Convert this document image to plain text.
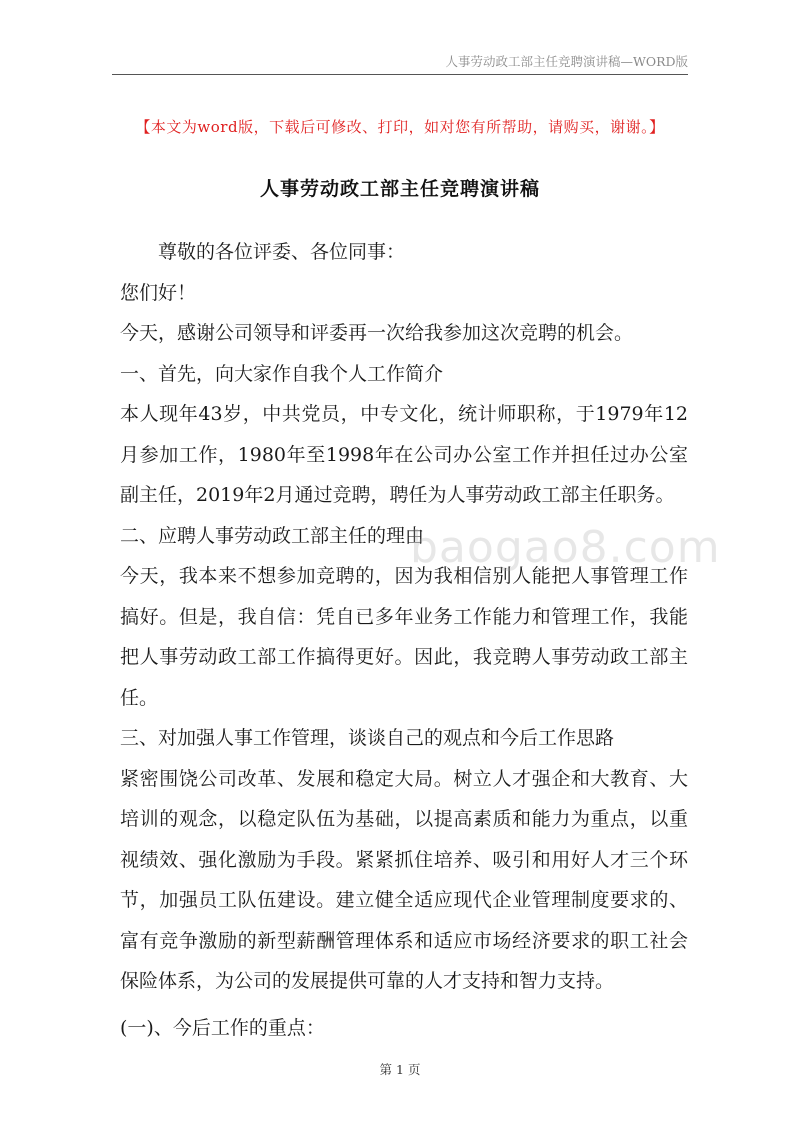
人事劳动政工部主任竞聘演讲稿—WORD版
【本文为word版，下载后可修改、打印，如对您有所帮助，请购买，谢谢。】
人事劳动政工部主任竞聘演讲稿

尊敬的各位评委、各位同事：

您们好！

今天，感谢公司领导和评委再一次给我参加这次竞聘的机会。

一、首先，向大家作自我个人工作简介

本人现年43岁，中共党员，中专文化，统计师职称，于1979年12月参加工作，1980年至1998年在公司办公室工作并担任过办公室副主任，2019年2月通过竞聘，聘任为人事劳动政工部主任职务。

二、应聘人事劳动政工部主任的理由

今天，我本来不想参加竞聘的，因为我相信别人能把人事管理工作搞好。但是，我自信：凭自已多年业务工作能力和管理工作，我能把人事劳动政工部工作搞得更好。因此，我竞聘人事劳动政工部主任。

三、对加强人事工作管理，谈谈自己的观点和今后工作思路

紧密围饶公司改革、发展和稳定大局。树立人才强企和大教育、大培训的观念，以稳定队伍为基础，以提高素质和能力为重点，以重视绩效、强化激励为手段。紧紧抓住培养、吸引和用好人才三个环节，加强员工队伍建设。建立健全适应现代企业管理制度要求的、富有竞争激励的新型薪酬管理体系和适应市场经济要求的职工社会保险体系，为公司的发展提供可靠的人才支持和智力支持。

(一)、今后工作的重点：

baogao8.com
第 1 页
